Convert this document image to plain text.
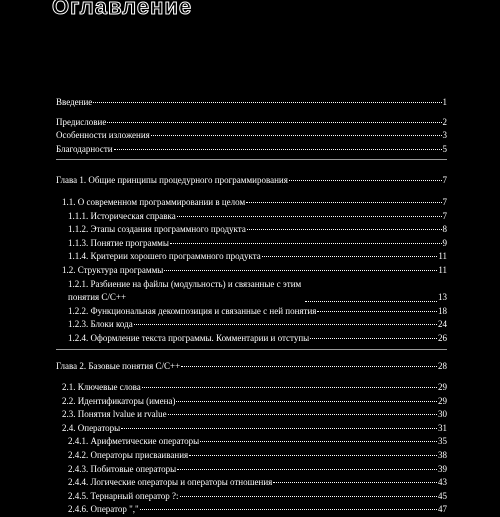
Оглавление
Введение	1
Предисловие	2
Особенности изложения	3
Благодарности	5
Глава 1. Общие принципы процедурного программирования	7
1.1. О современном программировании в целом	7
1.1.1. Историческая справка	7
1.1.2. Этапы создания программного продукта	8
1.1.3. Понятие программы	9
1.1.4. Критерии хорошего программного продукта	11
1.2. Структура программы	11
1.2.1. Разбиение на файлы (модульность) и связанные с этим понятия C/C++	13
1.2.2. Функциональная декомпозиция и связанные с ней понятия	18
1.2.3. Блоки кода	24
1.2.4. Оформление текста программы. Комментарии и отступы	26
Глава 2. Базовые понятия C/C++	28
2.1. Ключевые слова	29
2.2. Идентификаторы (имена)	29
2.3. Понятия lvalue и rvalue	30
2.4. Операторы	31
2.4.1. Арифметические операторы	35
2.4.2. Операторы присваивания	38
2.4.3. Побитовые операторы	39
2.4.4. Логические операторы и операторы отношения	43
2.4.5. Тернарный оператор ?:	45
2.4.6. Оператор ","	47
